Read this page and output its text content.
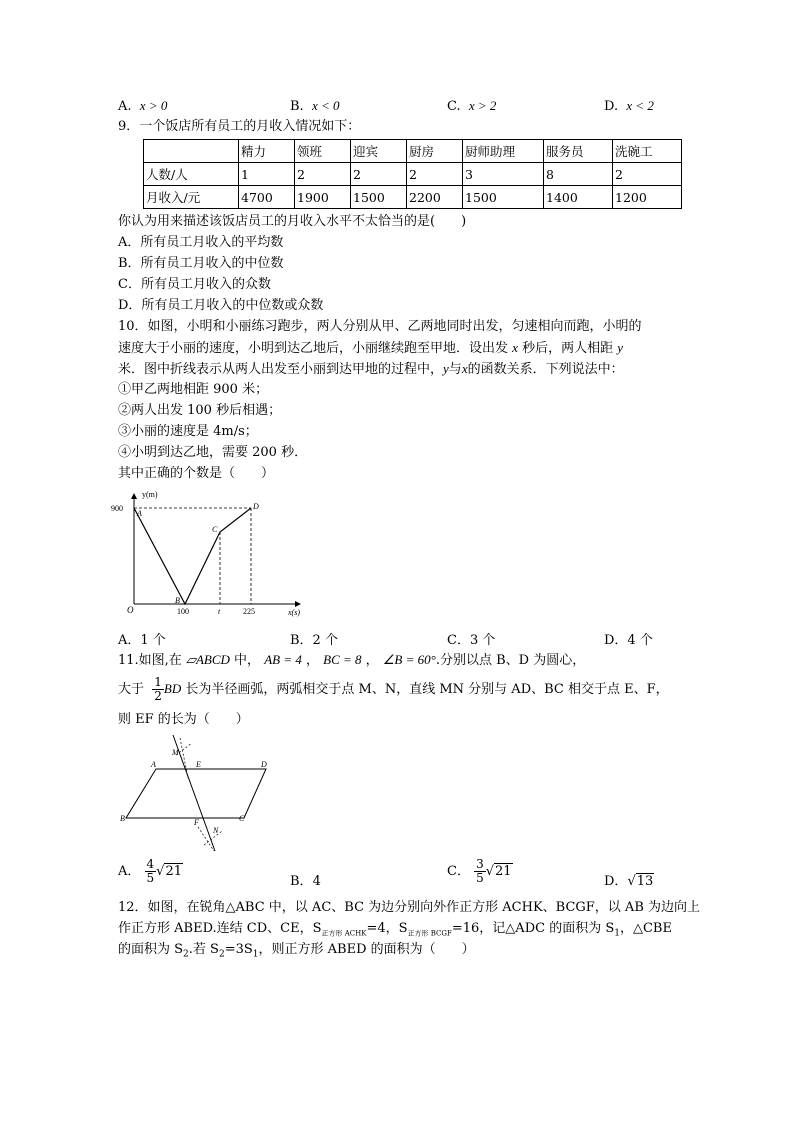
A. x > 0	B. x < 0	C. x > 2	D. x < 2
9．一个饭店所有员工的月收入情况如下：
	精力	领班	迎宾	厨房	厨师助理	服务员	洗碗工
人数/人	1	2	2	2	3	8	2
月收入/元	4700	1900	1500	2200	1500	1400	1200
你认为用来描述该饭店员工的月收入水平不太恰当的是(　　)
A．所有员工月收入的平均数
B．所有员工月收入的中位数
C．所有员工月收入的众数
D．所有员工月收入的中位数或众数
10．如图，小明和小丽练习跑步，两人分别从甲、乙两地同时出发，匀速相向而跑，小明的
速度大于小丽的速度，小明到达乙地后，小丽继续跑至甲地．设出发 x 秒后，两人相距 y
米．图中折线表示从两人出发至小丽到达甲地的过程中，y与x的函数关系．下列说法中：
①甲乙两地相距 900 米；
②两人出发 100 秒后相遇；
③小丽的速度是 4m/s；
④小明到达乙地，需要 200 秒．
其中正确的个数是（　　）
y(m)
x(s)
O
900
100	t	225
A
B
C
D
A．1 个	B．2 个	C．3 个	D．4 个
11.如图,在 ▱ABCD 中， AB = 4 ， BC = 8 ， ∠B = 60°.分别以点 B、D 为圆心，
大于 $\frac{1}{2}$ BD 长为半径画弧，两弧相交于点 M、N，直线 MN 分别与 AD、BC 相交于点 E、F，
则 EF 的长为（　　）
M
A	E	D
B	F	C
N
A． $\frac{4}{5} √21$
B．4
C． $\frac{3}{5} √21$
D．√13
12．如图，在锐角△ABC 中，以 AC、BC 为边分别向外作正方形 ACHK、BCGF，以 AB 为边向上
作正方形 ABED.连结 CD、CE，$S_{正方形 ACHK}=4$，$S_{正方形 BCGF}=16$，记△ADC 的面积为 $S_1$，△CBE
的面积为 $S_2$.若 $S_2=3S_1$，则正方形 ABED 的面积为（　　）
